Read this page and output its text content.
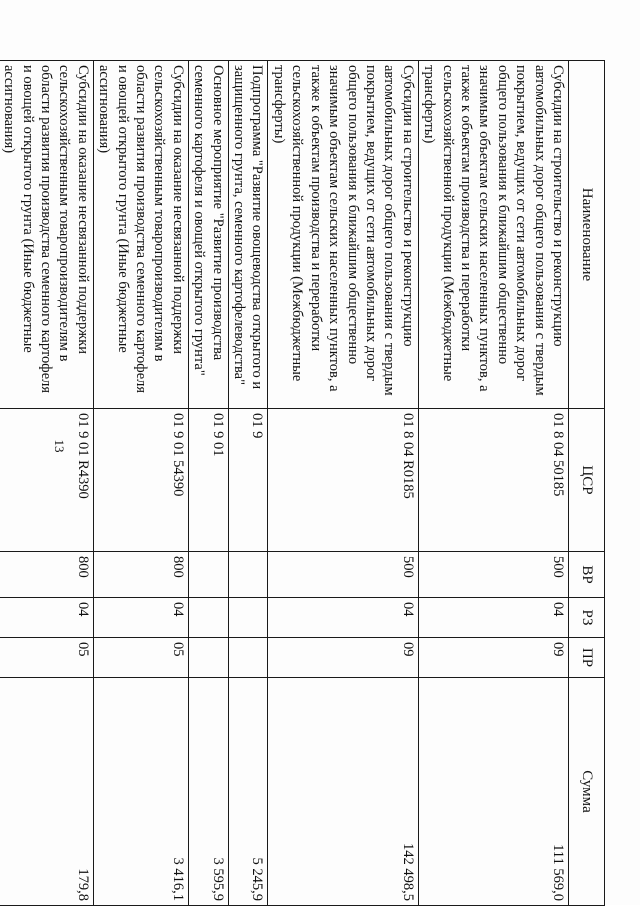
13
Наименование	ЦСР	ВР	РЗ	ПР	Сумма
Субсидии на строительство и реконструкцию автомобильных дорог общего пользования с твердым покрытием, ведущих от сети автомобильных дорог общего пользования к ближайшим общественно значимым объектам сельских населенных пунктов, а также к объектам производства и переработки сельскохозяйственной продукции (Межбюджетные трансферты)	01 8 04 50185	500	04	09	111 569,0
Субсидии на строительство и реконструкцию автомобильных дорог общего пользования с твердым покрытием, ведущих от сети автомобильных дорог общего пользования к ближайшим общественно значимым объектам сельских населенных пунктов, а также к объектам производства и переработки сельскохозяйственной продукции (Межбюджетные трансферты)	01 8 04 R0185	500	04	09	142 498,5
Подпрограмма "Развитие овощеводства открытого и защищенного грунта, семенного картофелеводства"	01 9				5 245,9
Основное мероприятие "Развитие производства семенного картофеля и овощей открытого грунта"	01 9 01				3 595,9
Субсидии на оказание несвязанной поддержки сельскохозяйственным товаропроизводителям в области развития производства семенного картофеля и овощей открытого грунта (Иные бюджетные ассигнования)	01 9 01 54390	800	04	05	3 416,1
Субсидии на оказание несвязанной поддержки сельскохозяйственным товаропроизводителям в области развития производства семенного картофеля и овощей открытого грунта (Иные бюджетные ассигнования)	01 9 01 R4390	800	04	05	179,8
